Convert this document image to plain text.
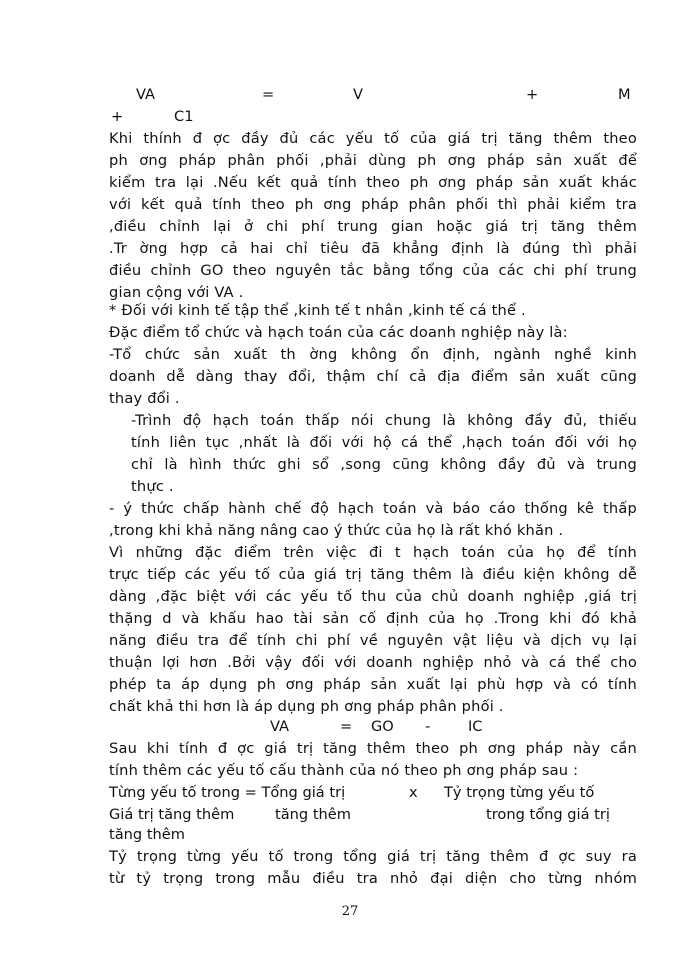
VA	=	V	+	M
+	C1
Khi thính đ ợc đầy đủ các yếu tố của giá trị tăng thêm theo
ph ơng pháp phân phối ,phải dùng ph ơng pháp sản xuất để
kiểm tra lại .Nếu kết quả tính theo ph ơng pháp sản xuất khác
với kết quả tính theo ph ơng pháp phân phối thì phải kiểm tra
,điều chỉnh lại ở chi phí trung gian hoặc giá trị tăng thêm
.Tr ờng hợp cả hai chỉ tiêu đã khẳng định là đúng thì phải
điều chỉnh GO theo nguyên tắc bằng tổng của các chi phí trung
gian cộng với VA .
* Đối với kinh tế tập thể ,kinh tế t nhân ,kinh tế cá thể .
Đặc điểm tổ chức và hạch toán của các doanh nghiệp này là:
-Tổ chức sản xuất th ờng không ổn định, ngành nghề kinh
doanh dễ dàng thay đổi, thậm chí cả địa điểm sản xuất cũng
thay đổi .
-Trình độ hạch toán thấp nói chung là không đầy đủ, thiếu
tính liên tục ,nhất là đối với hộ cá thể ,hạch toán đối với họ
chỉ là hình thức ghi sổ ,song cũng không đầy đủ và trung
thực .
- ý thức chấp hành chế độ hạch toán và báo cáo thống kê thấp
,trong khi khả năng nâng cao ý thức của họ là rất khó khăn .
Vì những đặc điểm trên việc đi t hạch toán của họ để tính
trực tiếp các yếu tố của giá trị tăng thêm là điều kiện không dễ
dàng ,đặc biệt với các yếu tố thu của chủ doanh nghiệp ,giá trị
thặng d và khấu hao tài sản cố định của họ .Trong khi đó khả
năng điều tra để tính chi phí về nguyên vật liệu và dịch vụ lại
thuận lợi hơn .Bởi vậy đối với doanh nghiệp nhỏ và cá thể cho
phép ta áp dụng ph ơng pháp sản xuất lại phù hợp và có tính
chất khả thi hơn là áp dụng ph ơng pháp phân phối .
VA	= GO -	IC
Sau khi tính đ ợc giá trị tăng thêm theo ph ơng pháp này cần
tính thêm các yếu tố cấu thành của nó theo ph ơng pháp sau :
Từng yếu tố trong = Tổng giá trị	x Tỷ trọng từng yếu tố
Giá trị tăng thêm	tăng thêm	trong tổng giá trị
tăng thêm
Tỷ trọng từng yếu tố trong tổng giá trị tăng thêm đ ợc suy ra
từ tỷ trọng trong mẫu điều tra nhỏ đại diện cho từng nhóm
27
